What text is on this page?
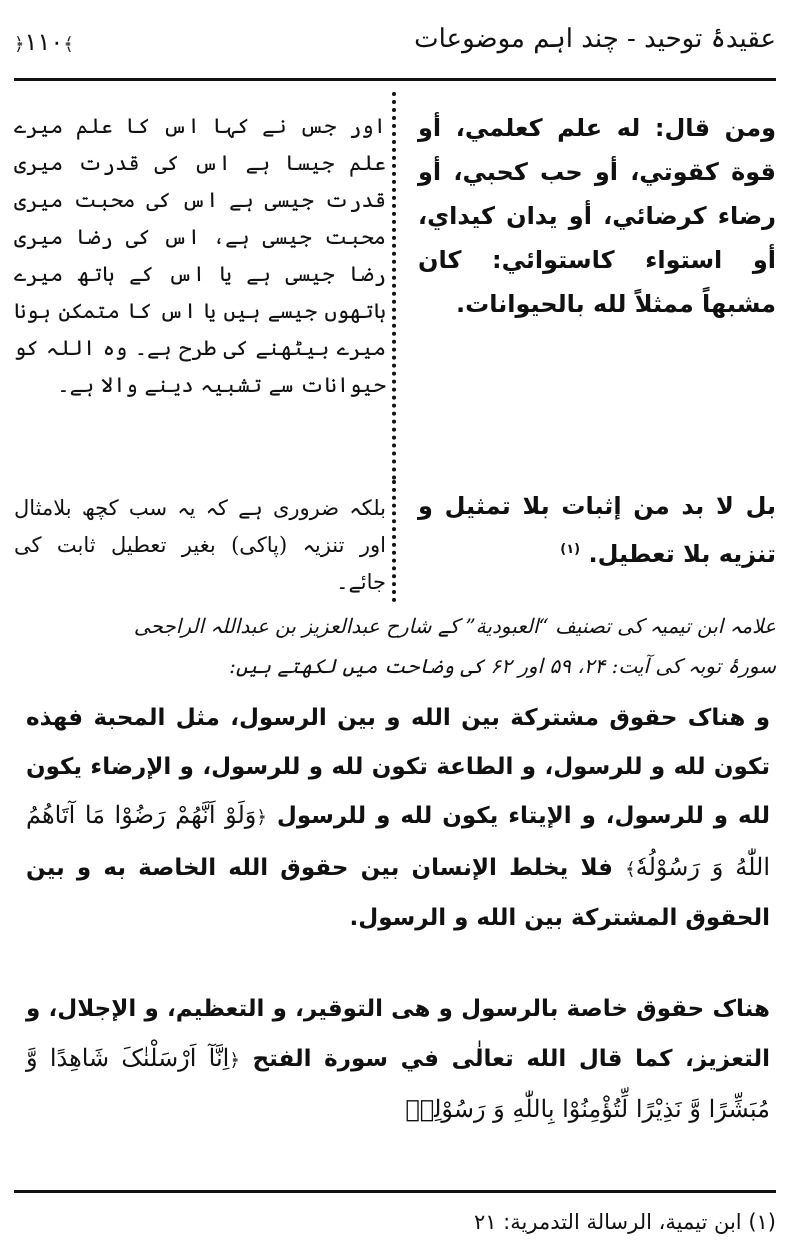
﴿١١٠﴾	عقیدۂ توحید - چند اہم موضوعات
ومن قال: له علم كعلمي، أو قوة كقوتي، أو حب كحبي، أو رضاء كرضائي، أو يدان كيداي، أو استواء كاستوائي: كان مشبهاً ممثلاً لله بالحيوانات.
اور جس نے کہا اس کا علم میرے علم جیسا ہے اس کی قدرت میری قدرت جیسی ہے اس کی محبت میری محبت جیسی ہے، اس کی رضا میری رضا جیسی ہے یا اس کے ہاتھ میرے ہاتھوں جیسے ہیں یا اس کا متمکن ہونا میرے بیٹھنے کی طرح ہے۔ وہ اللہ کو حیوانات سے تشبیہ دینے والا ہے۔
بل لا بد من إثبات بلا تمثيل و تنزيه بلا تعطيل. $^{(١)}$
بلکہ ضروری ہے کہ یہ سب کچھ بلامثال اور تنزیہ (پاکی) بغیر تعطیل ثابت کی جائے۔
علامہ ابن تیمیہ کی تصنیف “العبودیة” کے شارح عبدالعزیز بن عبداللہ الراجحی
سورۂ توبہ کی آیت: ۲۴، ۵۹ اور ۶۲ کی وضاحت میں لکھتے ہیں:
و هناک حقوق مشترکة بين الله و بين الرسول، مثل المحبة فهذه تكون لله و للرسول، و الطاعة تكون لله و للرسول، و الإرضاء يكون لله و للرسول، و الإيتاء يكون لله و للرسول ﴿وَلَوْ اَنَّهُمْ رَضُوْا مَا آتَاهُمُ اللّٰهُ وَ رَسُوْلُهٗ﴾ فلا يخلط الإنسان بين حقوق الله الخاصة به و بين الحقوق المشتركة بين الله و الرسول.
هناک حقوق خاصة بالرسول و هى التوقير، و التعظيم، و الإجلال، و التعزيز، كما قال الله تعالٰى في سورة الفتح ﴿اِنَّآ اَرْسَلْنٰکَ شَاهِدًا وَّ مُبَشِّرًا وَّ نَذِيْرًا لِّتُؤْمِنُوْا بِاللّٰهِ وَ رَسُوْلِهٖ
(١) ابن تيمية، الرسالة التدمرية: ٢١
